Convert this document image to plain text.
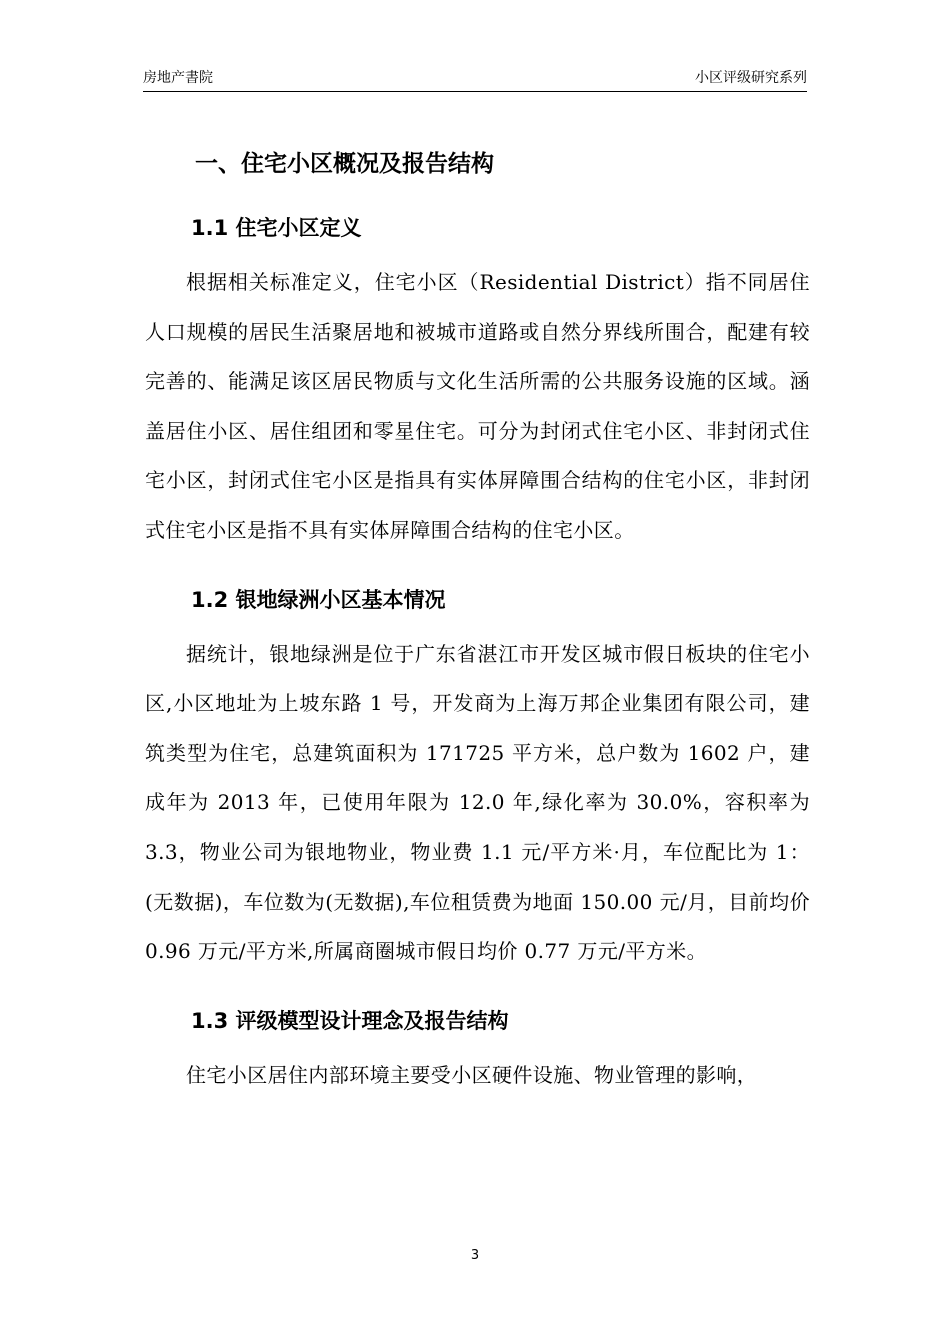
房地产書院	小区评级研究系列
一、住宅小区概况及报告结构
1.1 住宅小区定义

根据相关标准定义，住宅小区（Residential District）指不同居住人口规模的居民生活聚居地和被城市道路或自然分界线所围合，配建有较完善的、能满足该区居民物质与文化生活所需的公共服务设施的区域。涵盖居住小区、居住组团和零星住宅。可分为封闭式住宅小区、非封闭式住宅小区，封闭式住宅小区是指具有实体屏障围合结构的住宅小区，非封闭式住宅小区是指不具有实体屏障围合结构的住宅小区。

1.2 银地绿洲小区基本情况

据统计，银地绿洲是位于广东省湛江市开发区城市假日板块的住宅小区,小区地址为上坡东路 1 号，开发商为上海万邦企业集团有限公司，建筑类型为住宅，总建筑面积为 171725 平方米，总户数为 1602 户，建成年为 2013 年，已使用年限为 12.0 年,绿化率为 30.0%，容积率为 3.3，物业公司为银地物业，物业费 1.1 元/平方米·月，车位配比为 1：(无数据)，车位数为(无数据),车位租赁费为地面 150.00 元/月，目前均价 0.96 万元/平方米,所属商圈城市假日均价 0.77 万元/平方米。

1.3 评级模型设计理念及报告结构

住宅小区居住内部环境主要受小区硬件设施、物业管理的影响，

3
